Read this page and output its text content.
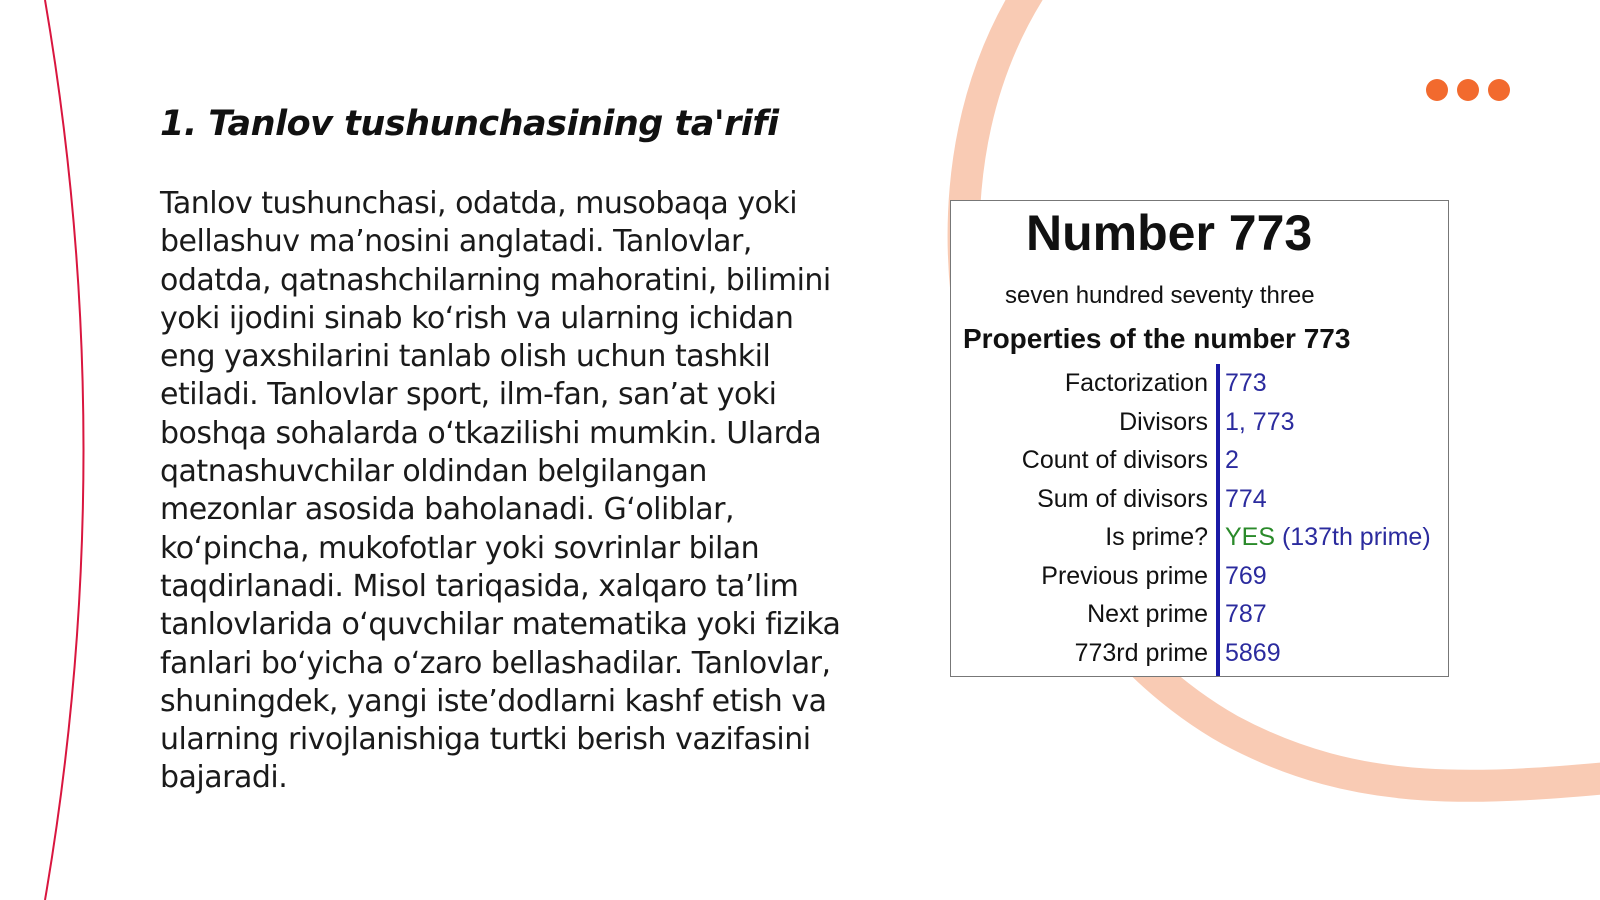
1. Tanlov tushunchasining ta'rifi

Tanlov tushunchasi, odatda, musobaqa yoki bellashuv ma’nosini anglatadi. Tanlovlar, odatda, qatnashchilarning mahoratini, bilimini yoki ijodini sinab ko‘rish va ularning ichidan eng yaxshilarini tanlab olish uchun tashkil etiladi. Tanlovlar sport, ilm-fan, san’at yoki boshqa sohalarda o‘tkazilishi mumkin. Ularda qatnashuvchilar oldindan belgilangan mezonlar asosida baholanadi. G‘oliblar, ko‘pincha, mukofotlar yoki sovrinlar bilan taqdirlanadi. Misol tariqasida, xalqaro ta’lim tanlovlarida o‘quvchilar matematika yoki fizika fanlari bo‘yicha o‘zaro bellashadilar. Tanlovlar, shuningdek, yangi iste’dodlarni kashf etish va ularning rivojlanishiga turtki berish vazifasini bajaradi.

Number 773
seven hundred seventy three
Properties of the number 773
Factorization 773
Divisors 1, 773
Count of divisors 2
Sum of divisors 774
Is prime? YES (137th prime)
Previous prime 769
Next prime 787
773rd prime 5869
